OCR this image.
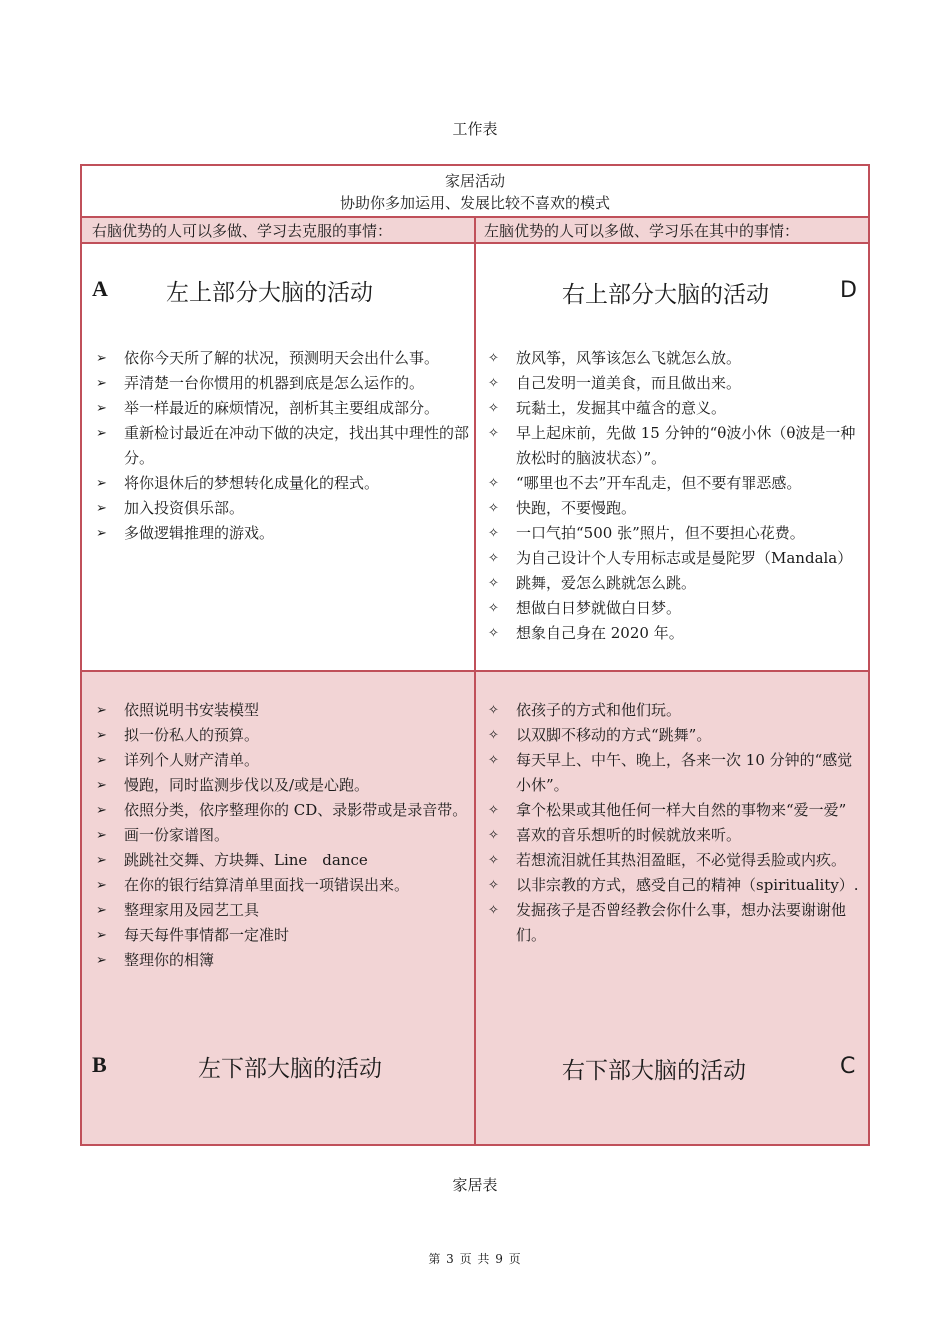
工作表
家居活动
协助你多加运用、发展比较不喜欢的模式
右脑优势的人可以多做、学习去克服的事情：	左脑优势的人可以多做、学习乐在其中的事情：
A	左上部分大脑的活动
➢ 依你今天所了解的状况，预测明天会出什么事。
➢ 弄清楚一台你惯用的机器到底是怎么运作的。
➢ 举一样最近的麻烦情况，剖析其主要组成部分。
➢ 重新检讨最近在冲动下做的决定，找出其中理性的部分。
➢ 将你退休后的梦想转化成量化的程式。
➢ 加入投资俱乐部。
➢ 多做逻辑推理的游戏。
右上部分大脑的活动	D
✧ 放风筝，风筝该怎么飞就怎么放。
✧ 自己发明一道美食，而且做出来。
✧ 玩黏土，发掘其中蕴含的意义。
✧ 早上起床前，先做 15 分钟的“θ波小休（θ波是一种放松时的脑波状态）”。
✧ “哪里也不去”开车乱走，但不要有罪恶感。
✧ 快跑，不要慢跑。
✧ 一口气拍“500 张”照片，但不要担心花费。
✧ 为自己设计个人专用标志或是曼陀罗（Mandala）
✧ 跳舞，爱怎么跳就怎么跳。
✧ 想做白日梦就做白日梦。
✧ 想象自己身在 2020 年。
➢ 依照说明书安装模型
➢ 拟一份私人的预算。
➢ 详列个人财产清单。
➢ 慢跑，同时监测步伐以及/或是心跑。
➢ 依照分类，依序整理你的 CD、录影带或是录音带。
➢ 画一份家谱图。
➢ 跳跳社交舞、方块舞、Line　dance
➢ 在你的银行结算清单里面找一项错误出来。
➢ 整理家用及园艺工具
➢ 每天每件事情都一定准时
➢ 整理你的相簿
B	左下部大脑的活动
✧ 依孩子的方式和他们玩。
✧ 以双脚不移动的方式“跳舞”。
✧ 每天早上、中午、晚上，各来一次 10 分钟的“感觉小休”。
✧ 拿个松果或其他任何一样大自然的事物来“爱一爱”
✧ 喜欢的音乐想听的时候就放来听。
✧ 若想流泪就任其热泪盈眶，不必觉得丢脸或内疚。
✧ 以非宗教的方式，感受自己的精神（spirituality）.
✧ 发掘孩子是否曾经教会你什么事，想办法要谢谢他们。
右下部大脑的活动	C
家居表
第 3 页 共 9 页
